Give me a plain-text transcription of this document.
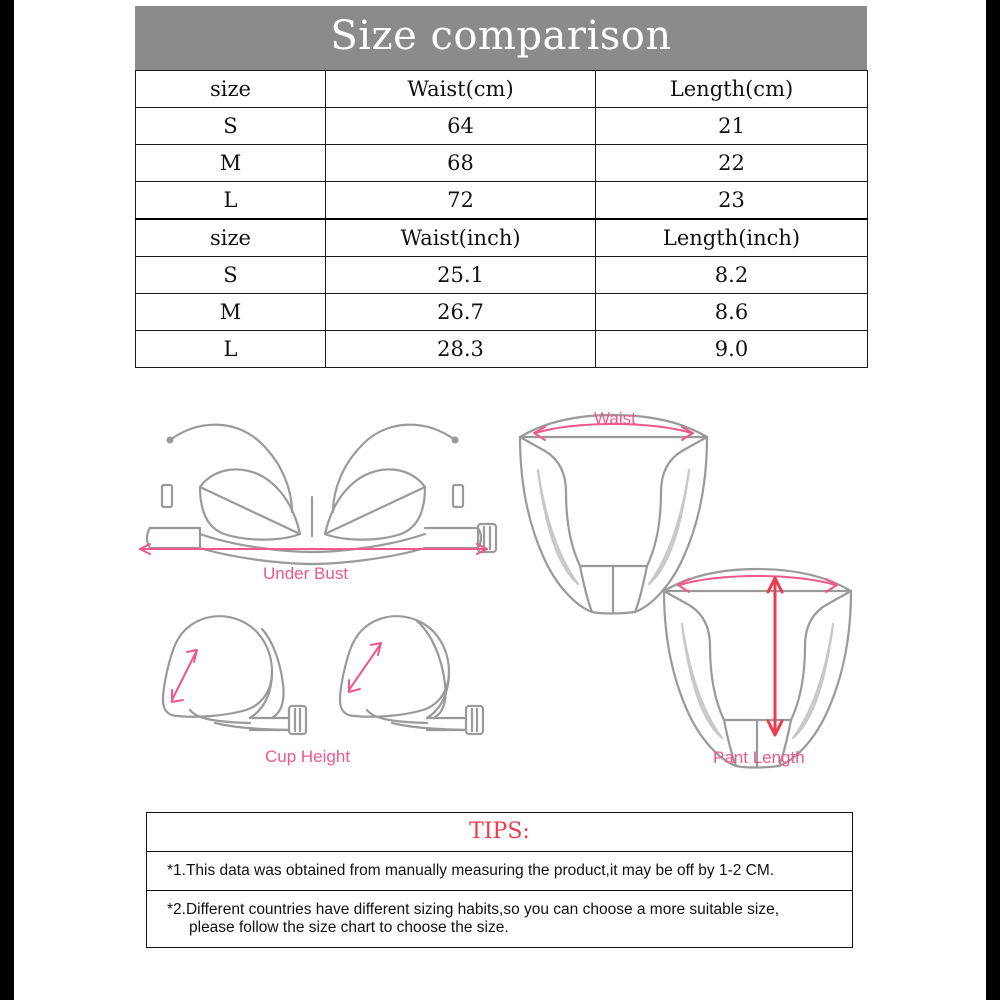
Size comparison
size	Waist(cm)	Length(cm)
S	64	21
M	68	22
L	72	23
size	Waist(inch)	Length(inch)
S	25.1	8.2
M	26.7	8.6
L	28.3	9.0
Under Bust
Cup Height
Waist
Pant Length
TIPS:
*1.This data was obtained from manually measuring the product,it may be off by 1-2 CM.
*2.Different countries have different sizing habits,so you can choose a more suitable size,
please follow the size chart to choose the size.
